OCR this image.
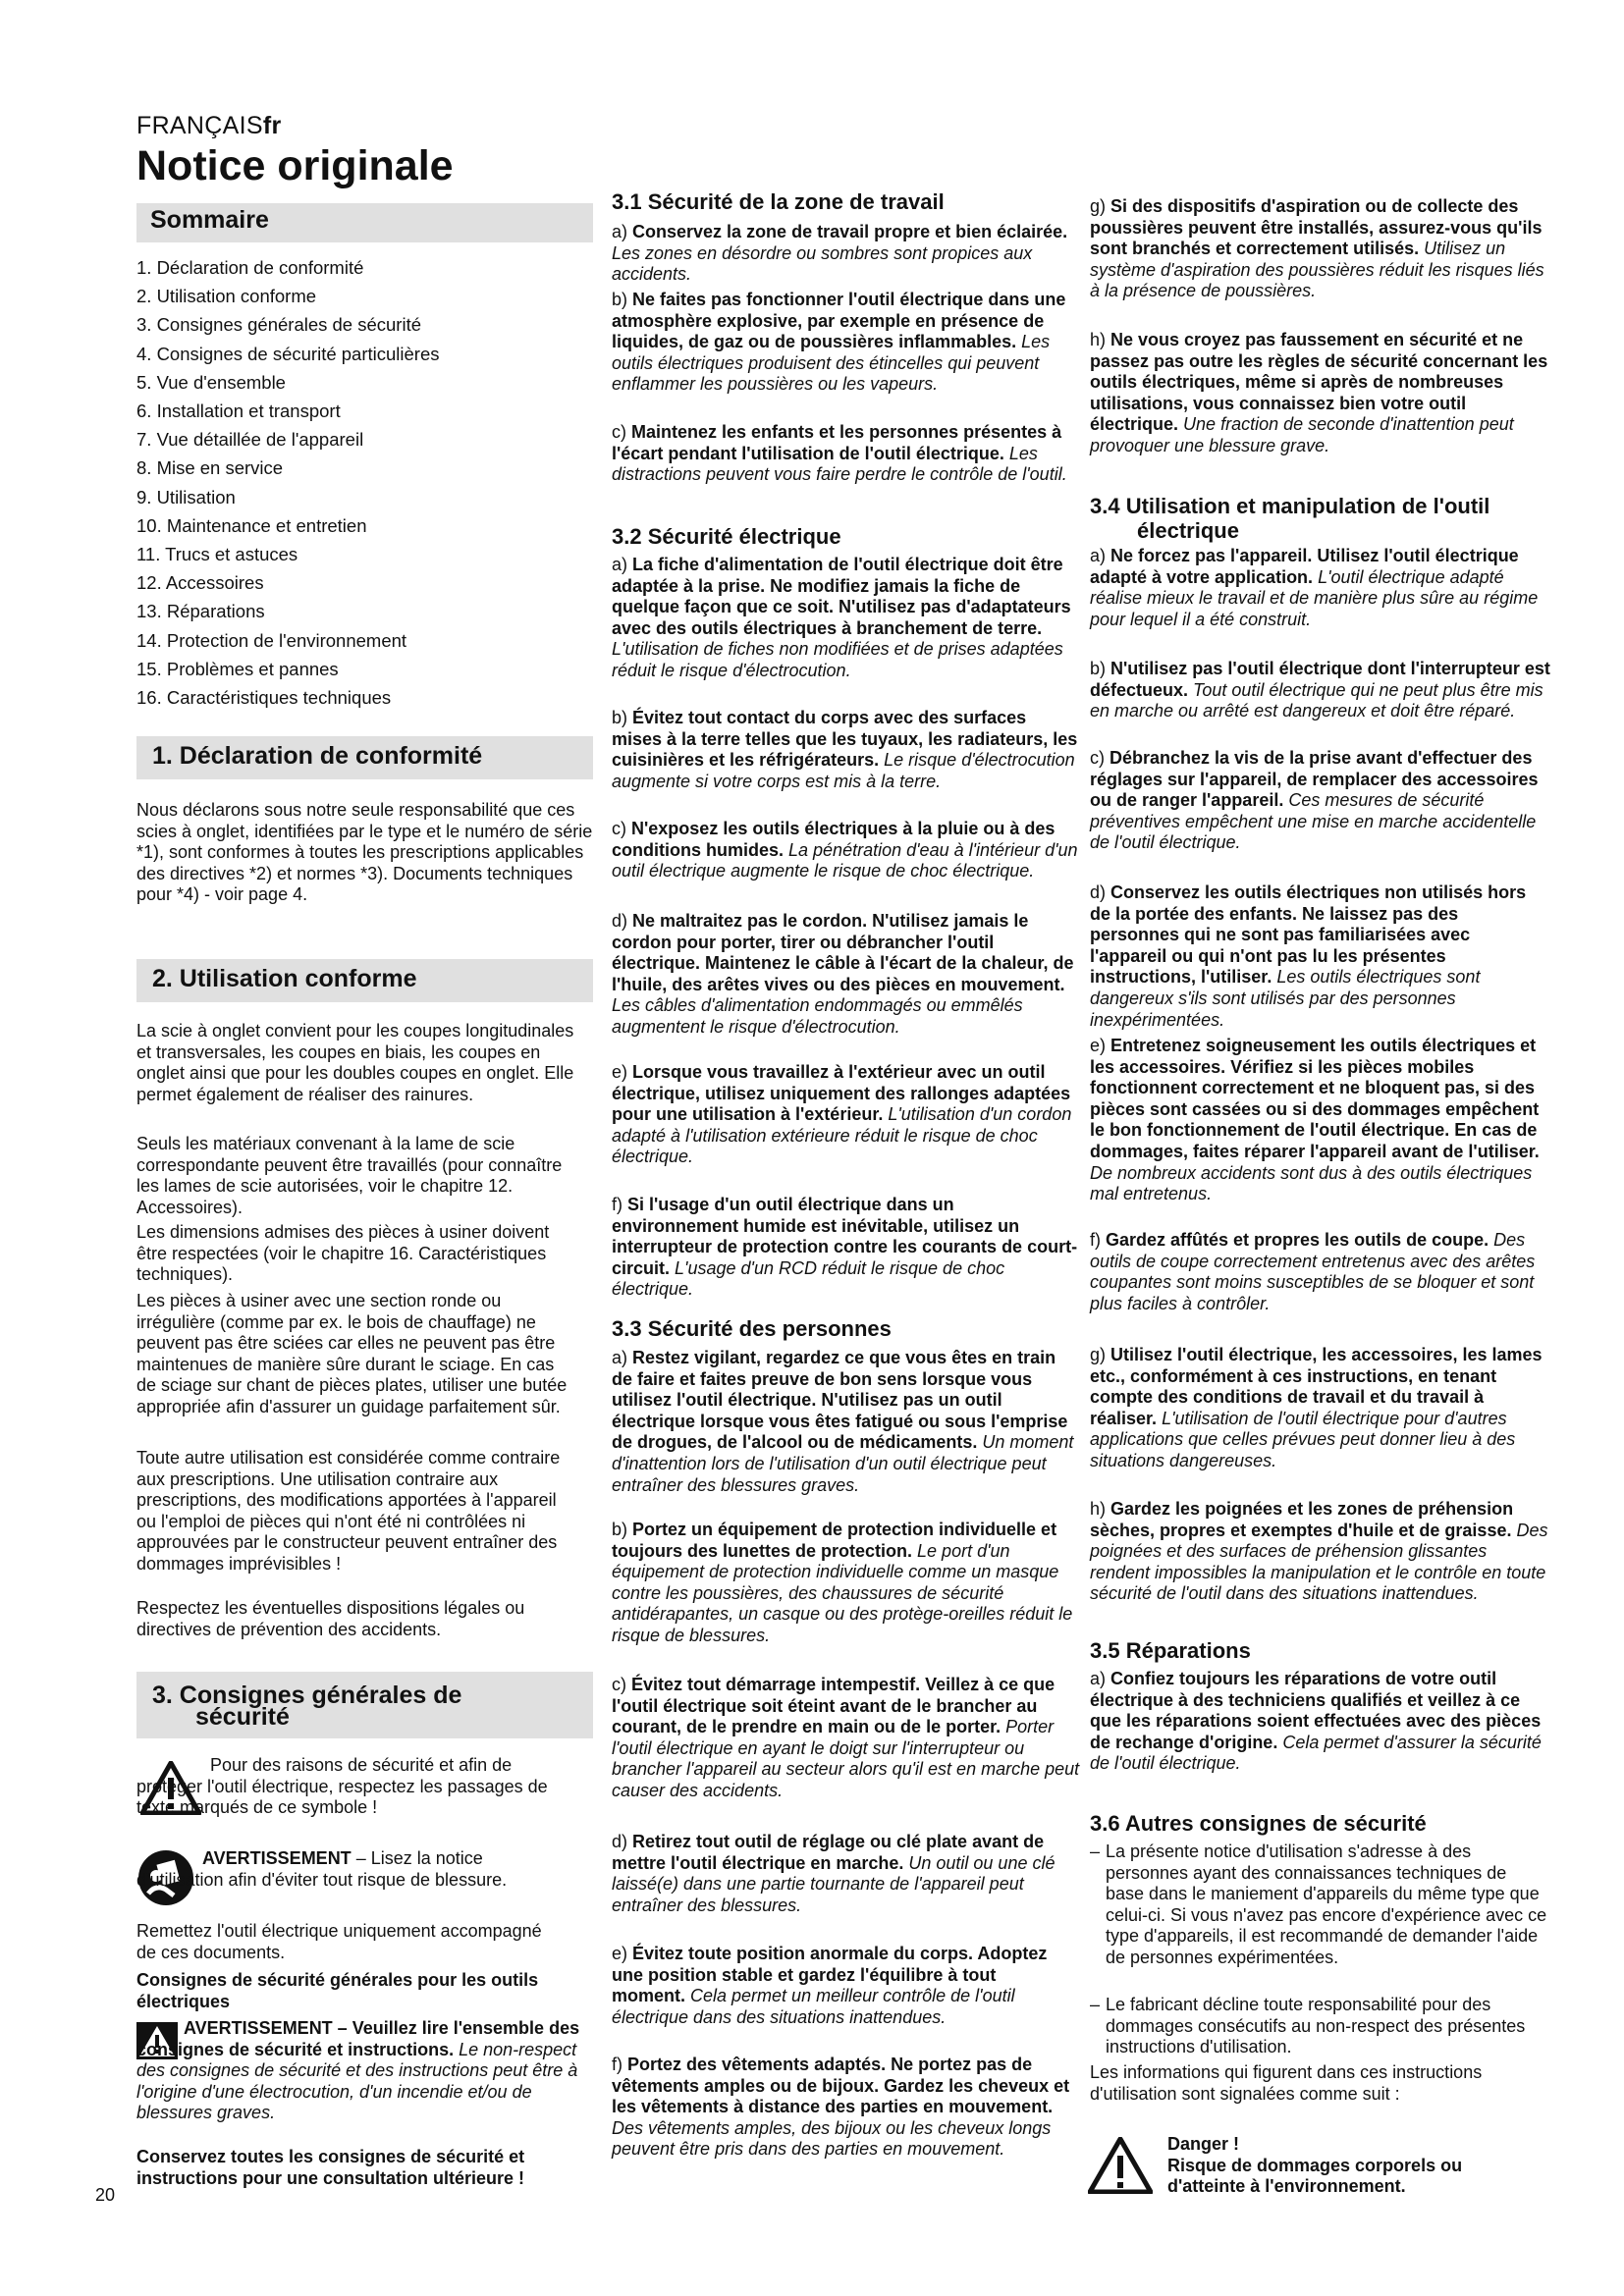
FRANÇAISfr
Notice originale
Sommaire
1. Déclaration de conformité
2. Utilisation conforme
3. Consignes générales de sécurité
4. Consignes de sécurité particulières
5. Vue d'ensemble
6. Installation et transport
7. Vue détaillée de l'appareil
8. Mise en service
9. Utilisation
10. Maintenance et entretien
11. Trucs et astuces
12. Accessoires
13. Réparations
14. Protection de l'environnement
15. Problèmes et pannes
16. Caractéristiques techniques
1. Déclaration de conformité

Nous déclarons sous notre seule responsabilité que ces scies à onglet, identifiées par le type et le numéro de série *1), sont conformes à toutes les prescriptions applicables des directives *2) et normes *3). Documents techniques pour *4) - voir page 4.

2. Utilisation conforme

La scie à onglet convient pour les coupes longitudinales et transversales, les coupes en biais, les coupes en onglet ainsi que pour les doubles coupes en onglet. Elle permet également de réaliser des rainures.

Seuls les matériaux convenant à la lame de scie correspondante peuvent être travaillés (pour connaître les lames de scie autorisées, voir le chapitre 12. Accessoires).

Les dimensions admises des pièces à usiner doivent être respectées (voir le chapitre 16. Caractéristiques techniques).

Les pièces à usiner avec une section ronde ou irrégulière (comme par ex. le bois de chauffage) ne peuvent pas être sciées car elles ne peuvent pas être maintenues de manière sûre durant le sciage. En cas de sciage sur chant de pièces plates, utiliser une butée appropriée afin d'assurer un guidage parfaitement sûr.

Toute autre utilisation est considérée comme contraire aux prescriptions. Une utilisation contraire aux prescriptions, des modifications apportées à l'appareil ou l'emploi de pièces qui n'ont été ni contrôlées ni approuvées par le constructeur peuvent entraîner des dommages imprévisibles !

Respectez les éventuelles dispositions légales ou directives de prévention des accidents.

3. Consignes générales de
sécurité

Pour des raisons de sécurité et afin de protéger l'outil électrique, respectez les passages de texte marqués de ce symbole !

AVERTISSEMENT – Lisez la notice d'utilisation afin d'éviter tout risque de blessure.

Remettez l'outil électrique uniquement accompagné de ces documents.

Consignes de sécurité générales pour les outils électriques

AVERTISSEMENT – Veuillez lire l'ensemble des consignes de sécurité et instructions. Le non-respect des consignes de sécurité et des instructions peut être à l'origine d'une électrocution, d'un incendie et/ou de blessures graves.

Conservez toutes les consignes de sécurité et instructions pour une consultation ultérieure !

20
3.1 Sécurité de la zone de travail

a) Conservez la zone de travail propre et bien éclairée. Les zones en désordre ou sombres sont propices aux accidents.

b) Ne faites pas fonctionner l'outil électrique dans une atmosphère explosive, par exemple en présence de liquides, de gaz ou de poussières inflammables. Les outils électriques produisent des étincelles qui peuvent enflammer les poussières ou les vapeurs.

c) Maintenez les enfants et les personnes présentes à l'écart pendant l'utilisation de l'outil électrique. Les distractions peuvent vous faire perdre le contrôle de l'outil.

3.2 Sécurité électrique

a) La fiche d'alimentation de l'outil électrique doit être adaptée à la prise. Ne modifiez jamais la fiche de quelque façon que ce soit. N'utilisez pas d'adaptateurs avec des outils électriques à branchement de terre. L'utilisation de fiches non modifiées et de prises adaptées réduit le risque d'électrocution.

b) Évitez tout contact du corps avec des surfaces mises à la terre telles que les tuyaux, les radiateurs, les cuisinières et les réfrigérateurs. Le risque d'électrocution augmente si votre corps est mis à la terre.

c) N'exposez les outils électriques à la pluie ou à des conditions humides. La pénétration d'eau à l'intérieur d'un outil électrique augmente le risque de choc électrique.

d) Ne maltraitez pas le cordon. N'utilisez jamais le cordon pour porter, tirer ou débrancher l'outil électrique. Maintenez le câble à l'écart de la chaleur, de l'huile, des arêtes vives ou des pièces en mouvement. Les câbles d'alimentation endommagés ou emmêlés augmentent le risque d'électrocution.

e) Lorsque vous travaillez à l'extérieur avec un outil électrique, utilisez uniquement des rallonges adaptées pour une utilisation à l'extérieur. L'utilisation d'un cordon adapté à l'utilisation extérieure réduit le risque de choc électrique.

f) Si l'usage d'un outil électrique dans un environnement humide est inévitable, utilisez un interrupteur de protection contre les courants de court-circuit. L'usage d'un RCD réduit le risque de choc électrique.

3.3 Sécurité des personnes

a) Restez vigilant, regardez ce que vous êtes en train de faire et faites preuve de bon sens lorsque vous utilisez l'outil électrique. N'utilisez pas un outil électrique lorsque vous êtes fatigué ou sous l'emprise de drogues, de l'alcool ou de médicaments. Un moment d'inattention lors de l'utilisation d'un outil électrique peut entraîner des blessures graves.

b) Portez un équipement de protection individuelle et toujours des lunettes de protection. Le port d'un équipement de protection individuelle comme un masque contre les poussières, des chaussures de sécurité antidérapantes, un casque ou des protège-oreilles réduit le risque de blessures.

c) Évitez tout démarrage intempestif. Veillez à ce que l'outil électrique soit éteint avant de le brancher au courant, de le prendre en main ou de le porter. Porter l'outil électrique en ayant le doigt sur l'interrupteur ou brancher l'appareil au secteur alors qu'il est en marche peut causer des accidents.

d) Retirez tout outil de réglage ou clé plate avant de mettre l'outil électrique en marche. Un outil ou une clé laissé(e) dans une partie tournante de l'appareil peut entraîner des blessures.

e) Évitez toute position anormale du corps. Adoptez une position stable et gardez l'équilibre à tout moment. Cela permet un meilleur contrôle de l'outil électrique dans des situations inattendues.

f) Portez des vêtements adaptés. Ne portez pas de vêtements amples ou de bijoux. Gardez les cheveux et les vêtements à distance des parties en mouvement. Des vêtements amples, des bijoux ou les cheveux longs peuvent être pris dans des parties en mouvement.

g) Si des dispositifs d'aspiration ou de collecte des poussières peuvent être installés, assurez-vous qu'ils sont branchés et correctement utilisés. Utilisez un système d'aspiration des poussières réduit les risques liés à la présence de poussières.

h) Ne vous croyez pas faussement en sécurité et ne passez pas outre les règles de sécurité concernant les outils électriques, même si après de nombreuses utilisations, vous connaissez bien votre outil électrique. Une fraction de seconde d'inattention peut provoquer une blessure grave.

3.4 Utilisation et manipulation de l'outil
électrique

a) Ne forcez pas l'appareil. Utilisez l'outil électrique adapté à votre application. L'outil électrique adapté réalise mieux le travail et de manière plus sûre au régime pour lequel il a été construit.

b) N'utilisez pas l'outil électrique dont l'interrupteur est défectueux. Tout outil électrique qui ne peut plus être mis en marche ou arrêté est dangereux et doit être réparé.

c) Débranchez la vis de la prise avant d'effectuer des réglages sur l'appareil, de remplacer des accessoires ou de ranger l'appareil. Ces mesures de sécurité préventives empêchent une mise en marche accidentelle de l'outil électrique.

d) Conservez les outils électriques non utilisés hors de la portée des enfants. Ne laissez pas des personnes qui ne sont pas familiarisées avec l'appareil ou qui n'ont pas lu les présentes instructions, l'utiliser. Les outils électriques sont dangereux s'ils sont utilisés par des personnes inexpérimentées.

e) Entretenez soigneusement les outils électriques et les accessoires. Vérifiez si les pièces mobiles fonctionnent correctement et ne bloquent pas, si des pièces sont cassées ou si des dommages empêchent le bon fonctionnement de l'outil électrique. En cas de dommages, faites réparer l'appareil avant de l'utiliser. De nombreux accidents sont dus à des outils électriques mal entretenus.

f) Gardez affûtés et propres les outils de coupe. Des outils de coupe correctement entretenus avec des arêtes coupantes sont moins susceptibles de se bloquer et sont plus faciles à contrôler.

g) Utilisez l'outil électrique, les accessoires, les lames etc., conformément à ces instructions, en tenant compte des conditions de travail et du travail à réaliser. L'utilisation de l'outil électrique pour d'autres applications que celles prévues peut donner lieu à des situations dangereuses.

h) Gardez les poignées et les zones de préhension sèches, propres et exemptes d'huile et de graisse. Des poignées et des surfaces de préhension glissantes rendent impossibles la manipulation et le contrôle en toute sécurité de l'outil dans des situations inattendues.

3.5 Réparations

a) Confiez toujours les réparations de votre outil électrique à des techniciens qualifiés et veillez à ce que les réparations soient effectuées avec des pièces de rechange d'origine. Cela permet d'assurer la sécurité de l'outil électrique.

3.6 Autres consignes de sécurité
– La présente notice d'utilisation s'adresse à des personnes ayant des connaissances techniques de base dans le maniement d'appareils du même type que celui-ci. Si vous n'avez pas encore d'expérience avec ce type d'appareils, il est recommandé de demander l'aide de personnes expérimentées.

– Le fabricant décline toute responsabilité pour des dommages consécutifs au non-respect des présentes instructions d'utilisation.

Les informations qui figurent dans ces instructions d'utilisation sont signalées comme suit :

Danger !
Risque de dommages corporels ou d'atteinte à l'environnement.
